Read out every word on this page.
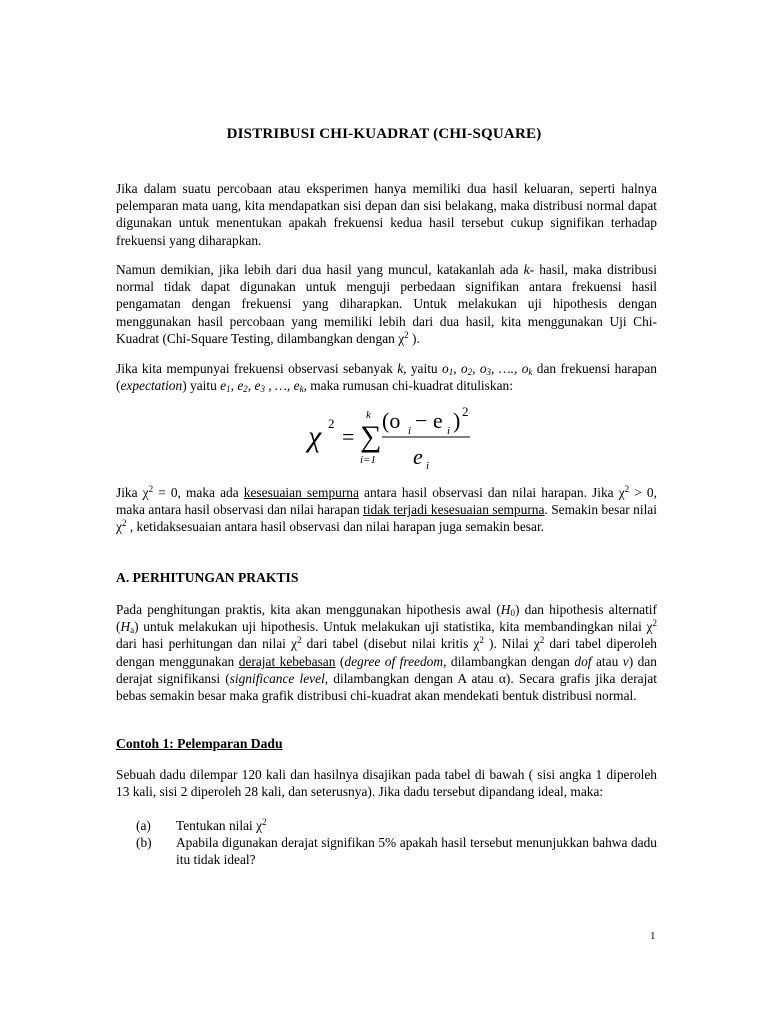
DISTRIBUSI CHI-KUADRAT (CHI-SQUARE)
Jika dalam suatu percobaan atau eksperimen hanya memiliki dua hasil keluaran, seperti halnya pelemparan mata uang, kita mendapatkan sisi depan dan sisi belakang, maka distribusi normal dapat digunakan untuk menentukan apakah frekuensi kedua hasil tersebut cukup signifikan terhadap frekuensi yang diharapkan.
Namun demikian, jika lebih dari dua hasil yang muncul, katakanlah ada k- hasil, maka distribusi normal tidak dapat digunakan untuk menguji perbedaan signifikan antara frekuensi hasil pengamatan dengan frekuensi yang diharapkan. Untuk melakukan uji hipothesis dengan menggunakan hasil percobaan yang memiliki lebih dari dua hasil, kita menggunakan Uji Chi-Kuadrat (Chi-Square Testing, dilambangkan dengan $\chi^2$ ).
Jika kita mempunyai frekuensi observasi sebanyak k, yaitu $o_1$, $o_2$, $o_3$, …., $o_k$ dan frekuensi harapan (expectation) yaitu $e_1$, $e_2$, $e_3$ , …, $e_k$, maka rumusan chi-kuadrat dituliskan:
χ 2
= ∑
k
i=1
(o i − e i ) 2
e i
Jika $\chi^2 = 0$, maka ada kesesuaian sempurna antara hasil observasi dan nilai harapan. Jika $\chi^2 > 0$, maka antara hasil observasi dan nilai harapan tidak terjadi kesesuaian sempurna. Semakin besar nilai $\chi^2$ , ketidaksesuaian antara hasil observasi dan nilai harapan juga semakin besar.
A. PERHITUNGAN PRAKTIS
Pada penghitungan praktis, kita akan menggunakan hipothesis awal $(H_0)$ dan hipothesis alternatif $(H_a)$ untuk melakukan uji hipothesis. Untuk melakukan uji statistika, kita membandingkan nilai $\chi^2$ dari hasi perhitungan dan nilai $\chi^2$ dari tabel (disebut nilai kritis $\chi^2$ ). Nilai $\chi^2$ dari tabel diperoleh dengan menggunakan derajat kebebasan (degree of freedom, dilambangkan dengan dof atau v) dan derajat signifikansi (significance level, dilambangkan dengan A atau α). Secara grafis jika derajat bebas semakin besar maka grafik distribusi chi-kuadrat akan mendekati bentuk distribusi normal.
Contoh 1: Pelemparan Dadu
Sebuah dadu dilempar 120 kali dan hasilnya disajikan pada tabel di bawah ( sisi angka 1 diperoleh 13 kali, sisi 2 diperoleh 28 kali, dan seterusnya). Jika dadu tersebut dipandang ideal, maka:
(a) Tentukan nilai $\chi^2$
(b) Apabila digunakan derajat signifikan 5% apakah hasil tersebut menunjukkan bahwa dadu itu tidak ideal?
1
